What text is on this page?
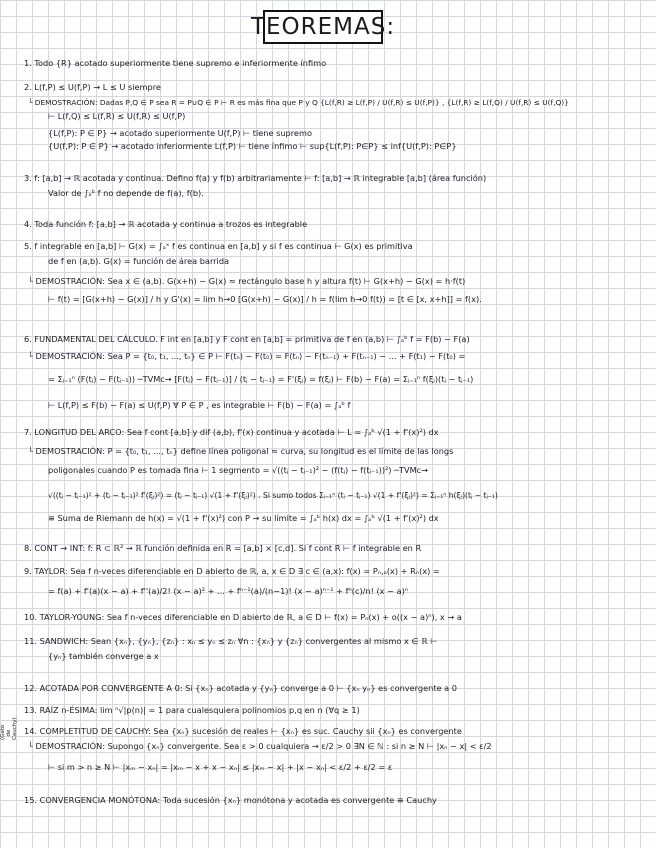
TEOREMAS:
(Gato de Cauchy)
1. Todo {R} acotado superiormente tiene supremo e inferiormente ínfimo
2. L(f,P) ≤ U(f,P) → L ≤ U siempre
└ DEMOSTRACIÓN: Dadas P,Q ∈ P sea R = P∪Q ∈ P ⊢ R es más fina que P y Q {L(f,R) ≥ L(f,P) / U(f,R) ≤ U(f,P)} , {L(f,R) ≥ L(f,Q) / U(f,R) ≤ U(f,Q)}
⊢ L(f,Q) ≤ L(f,R) ≤ U(f,R) ≤ U(f,P)
{L(f,P): P ∈ P} → acotado superiormente U(f,P) ⊢ tiene supremo
{U(f,P): P ∈ P} → acotado inferiormente L(f,P) ⊢ tiene ínfimo ⊢ sup{L(f,P): P∈P} ≤ inf{U(f,P): P∈P}
3. f: [a,b] → ℝ acotada y continua. Defino f(a) y f(b) arbitrariamente ⊢ f: [a,b] → ℝ integrable [a,b] (área función)
Valor de ∫ₐᵇ f no depende de f(a), f(b).
4. Toda función f: [a,b] → ℝ acotada y continua a trozos es integrable
5. f integrable en [a,b] ⊢ G(x) = ∫ₐˣ f es continua en [a,b] y si f es continua ⊢ G(x) es primitiva
de f en (a,b). G(x) = función de área barrida
└ DEMOSTRACIÓN: Sea x ∈ (a,b). G(x+h) − G(x) ≈ rectángulo base h y altura f(t) ⊢ G(x+h) − G(x) = h·f(t)
⊢ f(t) = [G(x+h) − G(x)] / h y G'(x) = lim h→0 [G(x+h) − G(x)] / h = f(lim h→0 f(t)) = [t ∈ [x, x+h]] = f(x).
6. FUNDAMENTAL DEL CÁLCULO. F int en [a,b] y F cont en [a,b] = primitiva de f en (a,b) ⊢ ∫ₐᵇ f = F(b) − F(a)
└ DEMOSTRACIÓN: Sea P = {t₀, t₁, ..., tₙ} ∈ P ⊢ F(tₙ) − F(t₀) = F(tₙ) − F(tₙ₋₁) + F(tₙ₋₁) − ... + F(t₁) − F(t₀) =
= Σⱼ₌₁ⁿ (F(tⱼ) − F(tⱼ₋₁)) ─TVMc→ [F(tⱼ) − F(tⱼ₋₁)] / (tⱼ − tⱼ₋₁) = F'(ξⱼ) = f(ξⱼ) ⊢ F(b) − F(a) = Σⱼ₌₁ⁿ f(ξⱼ)(tⱼ − tⱼ₋₁)
⊢ L(f,P) ≤ F(b) − F(a) ≤ U(f,P) ∀ P ∈ P , es integrable ⊢ F(b) − F(a) = ∫ₐᵇ f
7. LONGITUD DEL ARCO: Sea f cont [a,b] y dif (a,b), f'(x) continua y acotada ⊢ L = ∫ₐᵇ √(1 + f'(x)²) dx
└ DEMOSTRACIÓN: P = {t₀, t₁, ..., tₙ} define línea poligonal ≈ curva, su longitud es el límite de las longs
poligonales cuando P es tomada fina ⊢ 1 segmento = √((tⱼ − tⱼ₋₁)² − (f(tⱼ) − f(tⱼ₋₁))²) ─TVMc→
√((tⱼ − tⱼ₋₁)² + (tⱼ − tⱼ₋₁)² f'(ξⱼ)²) = (tⱼ − tⱼ₋₁) √(1 + f'(ξⱼ)²) . Si sumo todos Σⱼ₌₁ⁿ (tⱼ − tⱼ₋₁) √(1 + f'(ξⱼ)²) = Σⱼ₌₁ⁿ h(ξⱼ)(tⱼ − tⱼ₋₁)
≡ Suma de Riemann de h(x) = √(1 + f'(x)²) con P → su límite = ∫ₐᵇ h(x) dx = ∫ₐᵇ √(1 + f'(x)²) dx
8. CONT → INT: f: R ⊂ ℝ² → ℝ función definida en R = [a,b] × [c,d]. Si f cont R ⊢ f integrable en R
9. TAYLOR: Sea f n-veces diferenciable en D abierto de ℝ, a, x ∈ D ∃ c ∈ (a,x): f(x) = Pₙ,ₐ(x) + Rₙ(x) =
= f(a) + f'(a)(x − a) + f''(a)/2! (x − a)² + ... + fⁿ⁻¹(a)/(n−1)! (x − a)ⁿ⁻¹ + fⁿ(c)/n! (x − a)ⁿ
10. TAYLOR-YOUNG: Sea f n-veces diferenciable en D abierto de ℝ, a ∈ D ⊢ f(x) = Pₙ(x) + o((x − a)ⁿ), x → a
11. SANDWICH: Sean {xₙ}, {yₙ}, {zₙ} : xₙ ≤ yₙ ≤ zₙ ∀n : {xₙ} y {zₙ} convergentes al mismo x ∈ ℝ ⊢
{yₙ} también converge a x
12. ACOTADA POR CONVERGENTE A 0: Si {xₙ} acotada y {yₙ} converge a 0 ⊢ {xₙ yₙ} es convergente a 0
13. RAÍZ n-ÉSIMA: lim ⁿ√|p(n)| = 1 para cualesquiera polinomios p,q en n (∀q ≥ 1)
14. COMPLETITUD DE CAUCHY: Sea {xₙ} sucesión de reales ⊢ {xₙ} es suc. Cauchy sii {xₙ} es convergente
└ DEMOSTRACIÓN: Supongo {xₙ} convergente. Sea ε > 0 cualquiera → ε/2 > 0 ∃N ∈ ℕ : si n ≥ N ⊢ |xₙ − x| < ε/2
⊢ si m > n ≥ N ⊢ |xₘ − xₙ| = |xₘ − x + x − xₙ| ≤ |xₘ − x| + |x − xₙ| < ε/2 + ε/2 = ε
15. CONVERGENCIA MONÓTONA: Toda sucesión {xₙ} monótona y acotada es convergente ≡ Cauchy
